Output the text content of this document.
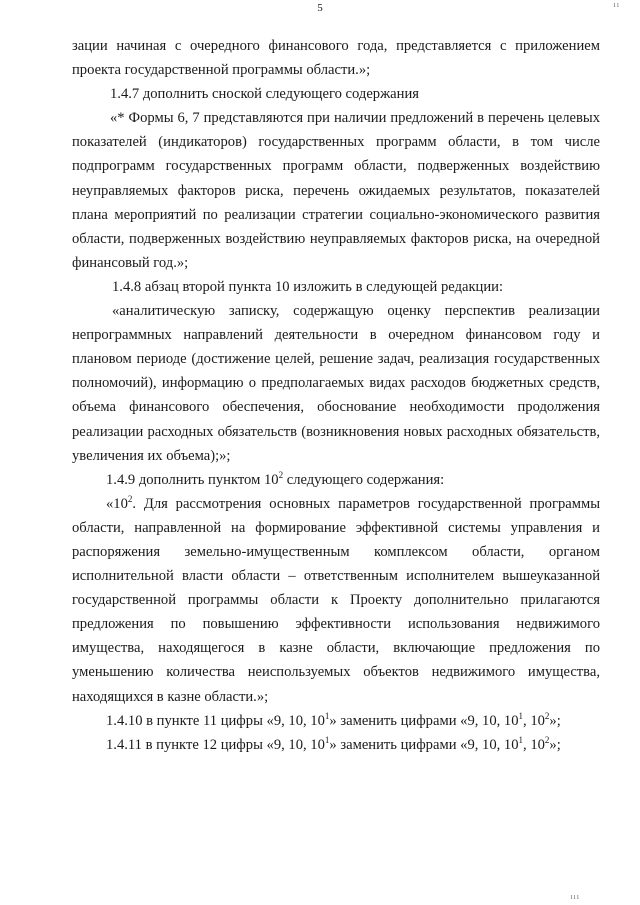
5	ıı

зации начиная с очередного финансового года, представляется с приложением проекта государственной программы области.»;

1.4.7 дополнить сноской следующего содержания

«* Формы 6, 7 представляются при наличии предложений в перечень целевых показателей (индикаторов) государственных программ области, в том числе подпрограмм государственных программ области, подверженных воздействию неуправляемых факторов риска, перечень ожидаемых результатов, показателей плана мероприятий по реализации стратегии социально-экономического развития области, подверженных воздействию неуправляемых факторов риска, на очередной финансовый год.»;

1.4.8 абзац второй пункта 10 изложить в следующей редакции:

«аналитическую записку, содержащую оценку перспектив реализации непрограммных направлений деятельности в очередном финансовом году и плановом периоде (достижение целей, решение задач, реализация государственных полномочий), информацию о предполагаемых видах расходов бюджетных средств, объема финансового обеспечения, обоснование необходимости продолжения реализации расходных обязательств (возникновения новых расходных обязательств, увеличения их объема);»;

1.4.9 дополнить пунктом $10^2$ следующего содержания:

«$10^2$. Для рассмотрения основных параметров государственной программы области, направленной на формирование эффективной системы управления и распоряжения земельно-имущественным комплексом области, органом исполнительной власти области – ответственным исполнителем вышеуказанной государственной программы области к Проекту дополнительно прилагаются предложения по повышению эффективности использования недвижимого имущества, находящегося в казне области, включающие предложения по уменьшению количества неиспользуемых объектов недвижимого имущества, находящихся в казне области.»;

1.4.10 в пункте 11 цифры «9, 10, $10^1$» заменить цифрами «9, 10, $10^1$, $10^2$»;

1.4.11 в пункте 12 цифры «9, 10, $10^1$» заменить цифрами «9, 10, $10^1$, $10^2$»;

ııı
